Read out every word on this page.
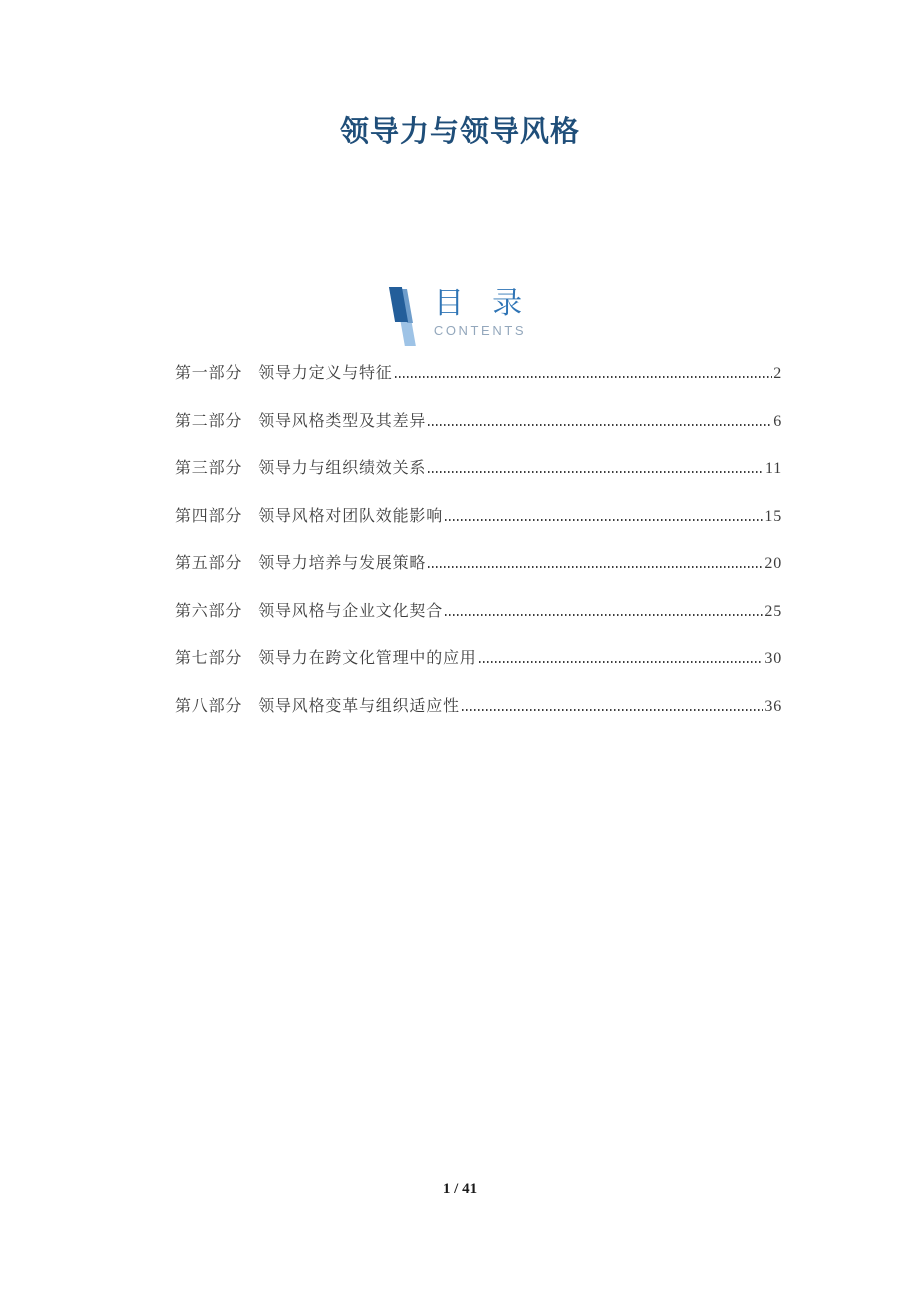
领导力与领导风格
目 录
CONTENTS
第一部分 领导力定义与特征	2
第二部分 领导风格类型及其差异	6
第三部分 领导力与组织绩效关系	11
第四部分 领导风格对团队效能影响	15
第五部分 领导力培养与发展策略	20
第六部分 领导风格与企业文化契合	25
第七部分 领导力在跨文化管理中的应用	30
第八部分 领导风格变革与组织适应性	36
1 / 41
